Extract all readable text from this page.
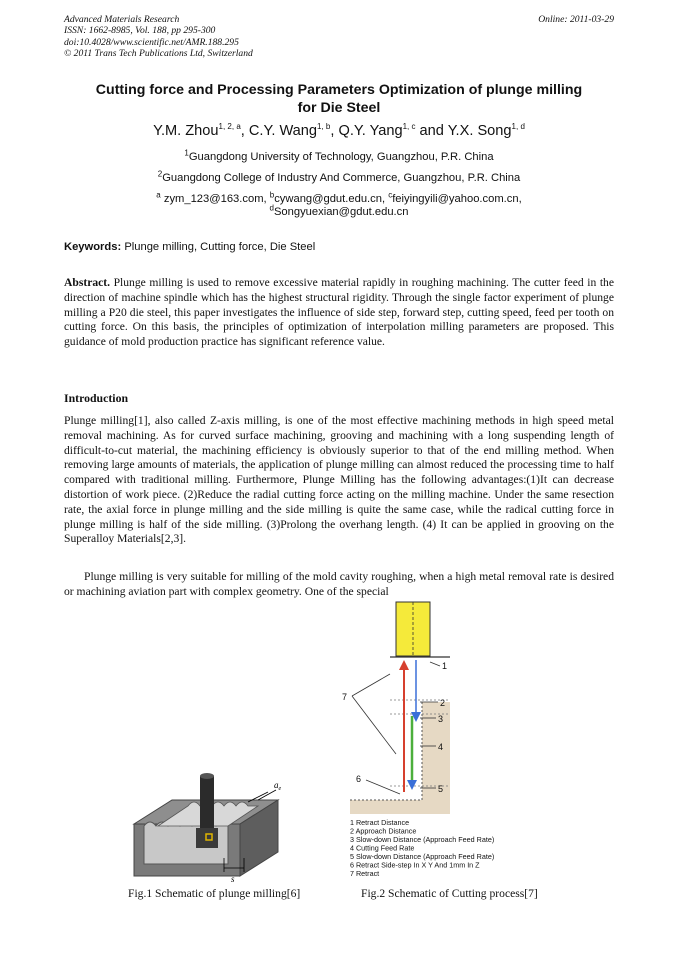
Advanced Materials Research
ISSN: 1662-8985, Vol. 188, pp 295-300
doi:10.4028/www.scientific.net/AMR.188.295
© 2011 Trans Tech Publications Ltd, Switzerland
Online: 2011-03-29
Cutting force and Processing Parameters Optimization of plunge milling
for Die Steel
Y.M. Zhou$^{1, 2, a}$, C.Y. Wang$^{1, b}$, Q.Y. Yang$^{1, c}$ and Y.X. Song$^{1, d}$
$^1$Guangdong University of Technology, Guangzhou, P.R. China
$^2$Guangdong College of Industry And Commerce, Guangzhou, P.R. China
$^a$ zym_123@163.com, $^b$cywang@gdut.edu.cn, $^c$feiyingyili@yahoo.com.cn,
$^d$Songyuexian@gdut.edu.cn
Keywords: Plunge milling, Cutting force, Die Steel
Abstract. Plunge milling is used to remove excessive material rapidly in roughing machining. The cutter feed in the direction of machine spindle which has the highest structural rigidity. Through the single factor experiment of plunge milling a P20 die steel, this paper investigates the influence of side step, forward step, cutting speed, feed per tooth on cutting force. On this basis, the principles of optimization of interpolation milling parameters are proposed. This guidance of mold production practice has significant reference value.
Introduction
Plunge milling[1], also called Z-axis milling, is one of the most effective machining methods in high speed metal removal machining. As for curved surface machining, grooving and machining with a long suspending length of difficult-to-cut material, the machining efficiency is obviously superior to that of the end milling method. When removing large amounts of materials, the application of plunge milling can almost reduced the processing time to half compared with traditional milling. Furthermore, Plunge Milling has the following advantages:(1)It can decrease distortion of work piece. (2)Reduce the radial cutting force acting on the milling machine. Under the same resection rate, the axial force in plunge milling and the side milling is quite the same case, while the radical cutting force in plunge milling is half of the side milling. (3)Prolong the overhang length. (4) It can be applied in grooving on the Superalloy Materials[2,3].
Plunge milling is very suitable for milling of the mold cavity roughing, when a high metal removal rate is desired or machining aviation part with complex geometry. One of the special
$a_e$
s
Fig.1 Schematic of plunge milling[6]
1
2
3
4
5
6
7
1 Retract Distance
2 Approach Distance
3 Slow-down Distance (Approach Feed Rate)
4 Cutting Feed Rate
5 Slow-down Distance (Approach Feed Rate)
6 Retract Side-step In X Y And 1mm In Z
7 Retract
Fig.2 Schematic of Cutting process[7]
